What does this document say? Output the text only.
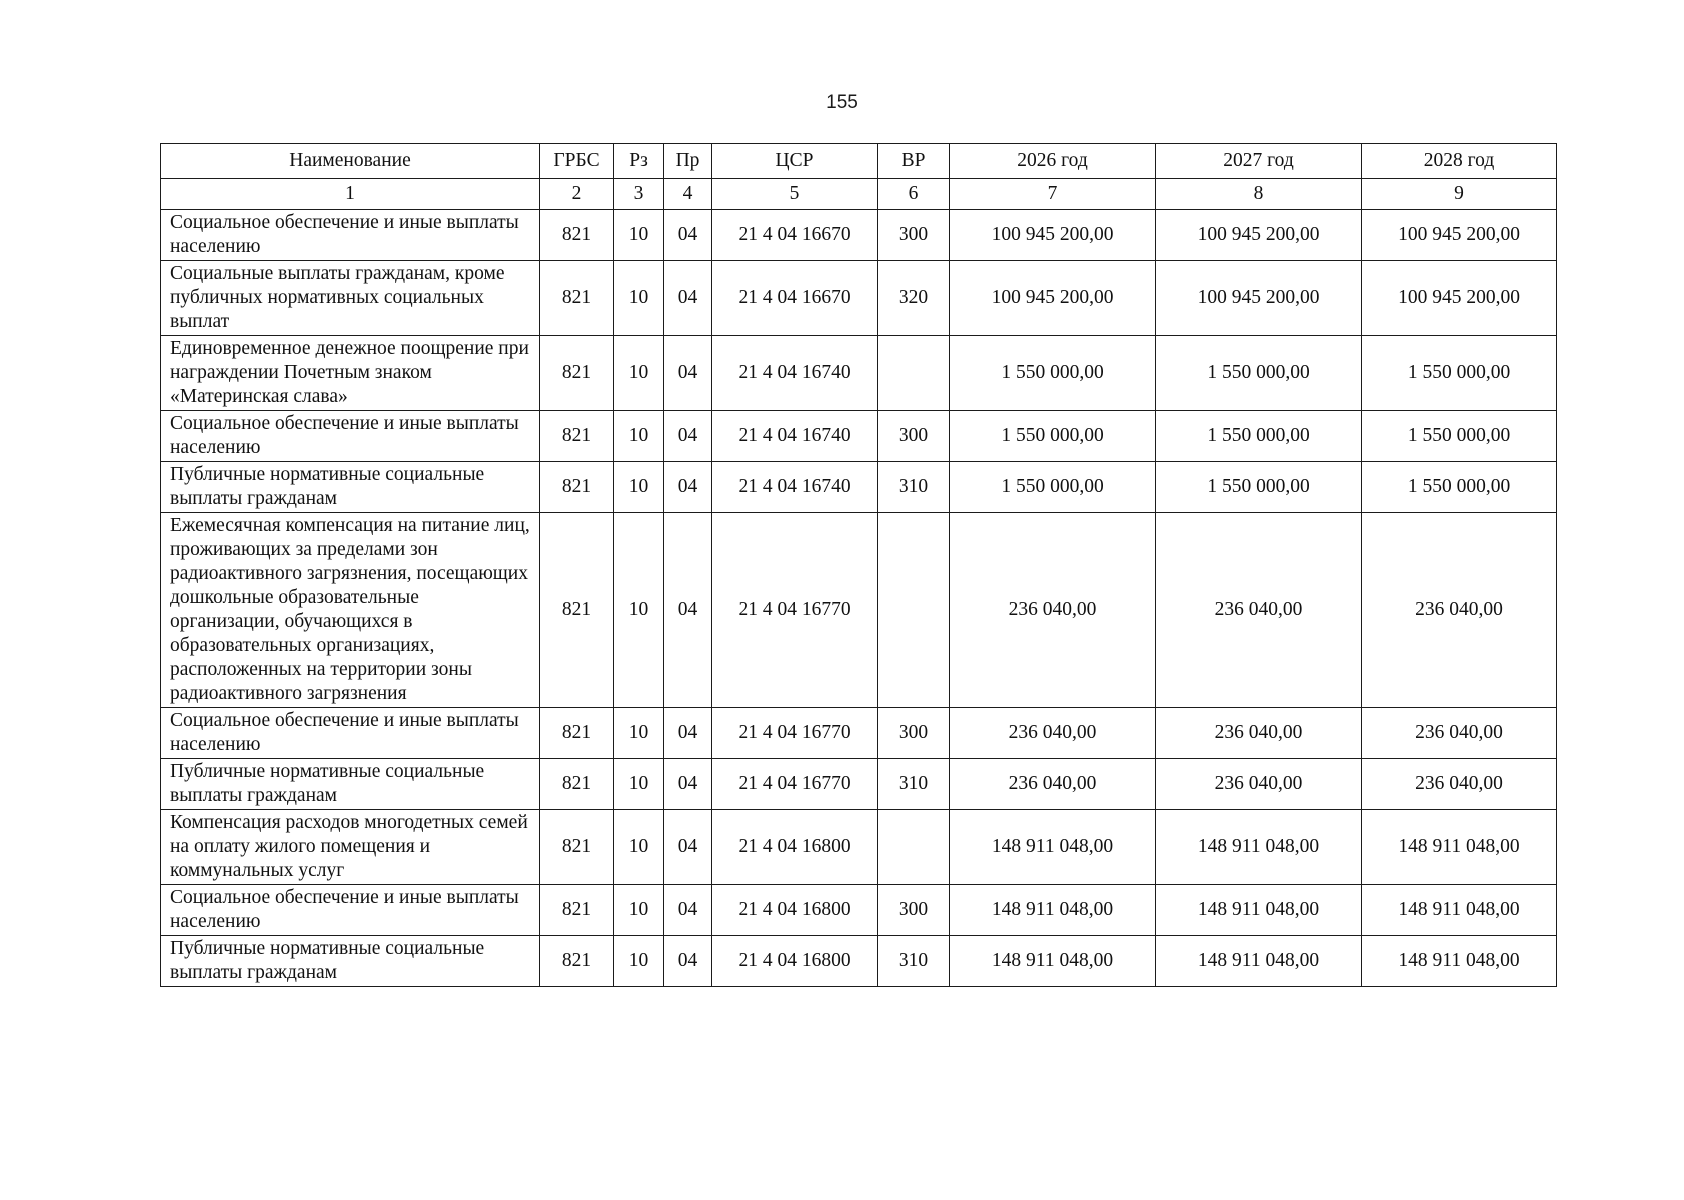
155
Наименование	ГРБС	Рз	Пр	ЦСР	ВР	2026 год	2027 год	2028 год
1	2	3	4	5	6	7	8	9
Социальное обеспечение и иные выплаты населению	821	10	04	21 4 04 16670	300	100 945 200,00	100 945 200,00	100 945 200,00
Социальные выплаты гражданам, кроме публичных нормативных социальных выплат	821	10	04	21 4 04 16670	320	100 945 200,00	100 945 200,00	100 945 200,00
Единовременное денежное поощрение при награждении Почетным знаком «Материнская слава»	821	10	04	21 4 04 16740		1 550 000,00	1 550 000,00	1 550 000,00
Социальное обеспечение и иные выплаты населению	821	10	04	21 4 04 16740	300	1 550 000,00	1 550 000,00	1 550 000,00
Публичные нормативные социальные выплаты гражданам	821	10	04	21 4 04 16740	310	1 550 000,00	1 550 000,00	1 550 000,00
Ежемесячная компенсация на питание лиц, проживающих за пределами зон радиоактивного загрязнения, посещающих дошкольные образовательные организации, обучающихся в образовательных организациях, расположенных на территории зоны радиоактивного загрязнения	821	10	04	21 4 04 16770		236 040,00	236 040,00	236 040,00
Социальное обеспечение и иные выплаты населению	821	10	04	21 4 04 16770	300	236 040,00	236 040,00	236 040,00
Публичные нормативные социальные выплаты гражданам	821	10	04	21 4 04 16770	310	236 040,00	236 040,00	236 040,00
Компенсация расходов многодетных семей на оплату жилого помещения и коммунальных услуг	821	10	04	21 4 04 16800		148 911 048,00	148 911 048,00	148 911 048,00
Социальное обеспечение и иные выплаты населению	821	10	04	21 4 04 16800	300	148 911 048,00	148 911 048,00	148 911 048,00
Публичные нормативные социальные выплаты гражданам	821	10	04	21 4 04 16800	310	148 911 048,00	148 911 048,00	148 911 048,00
